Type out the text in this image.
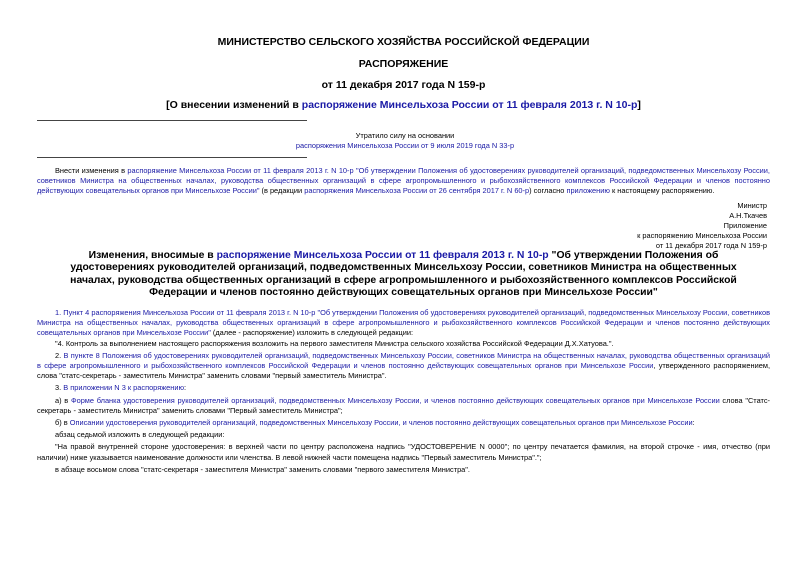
МИНИСТЕРСТВО СЕЛЬСКОГО ХОЗЯЙСТВА РОССИЙСКОЙ ФЕДЕРАЦИИ
РАСПОРЯЖЕНИЕ
от 11 декабря 2017 года N 159-р
[О внесении изменений в распоряжение Минсельхоза России от 11 февраля 2013 г. N 10-р]
Утратило силу на основании
распоряжения Минсельхоза России от 9 июля 2019 года N 33-р
Внести изменения в распоряжение Минсельхоза России от 11 февраля 2013 г. N 10-р "Об утверждении Положения об удостоверениях руководителей организаций, подведомственных Минсельхозу России, советников Министра на общественных началах, руководства общественных организаций в сфере агропромышленного и рыбохозяйственного комплексов Российской Федерации и членов постоянно действующих совещательных органов при Минсельхозе России" (в редакции распоряжения Минсельхоза России от 26 сентября 2017 г. N 60-р) согласно приложению к настоящему распоряжению.
Министр
А.Н.Ткачев
Приложение
к распоряжению Минсельхоза России
от 11 декабря 2017 года N 159-р
Изменения, вносимые в распоряжение Минсельхоза России от 11 февраля 2013 г. N 10-р "Об утверждении Положения об удостоверениях руководителей организаций, подведомственных Минсельхозу России, советников Министра на общественных началах, руководства общественных организаций в сфере агропромышленного и рыбохозяйственного комплексов Российской Федерации и членов постоянно действующих совещательных органов при Минсельхозе России"
1. Пункт 4 распоряжения Минсельхоза России от 11 февраля 2013 г. N 10-р "Об утверждении Положения об удостоверениях руководителей организаций, подведомственных Минсельхозу России, советников Министра на общественных началах, руководства общественных организаций в сфере агропромышленного и рыбохозяйственного комплексов Российской Федерации и членов постоянно действующих совещательных органов при Минсельхозе России" (далее - распоряжение) изложить в следующей редакции:
"4. Контроль за выполнением настоящего распоряжения возложить на первого заместителя Министра сельского хозяйства Российской Федерации Д.Х.Хатуова.".
2. В пункте 8 Положения об удостоверениях руководителей организаций, подведомственных Минсельхозу России, советников Министра на общественных началах, руководства общественных организаций в сфере агропромышленного и рыбохозяйственного комплексов Российской Федерации и членов постоянно действующих совещательных органов при Минсельхозе России, утвержденного распоряжением, слова "статс-секретарь - заместитель Министра" заменить словами "первый заместитель Министра".
3. В приложении N 3 к распоряжению:
а) в Форме бланка удостоверения руководителей организаций, подведомственных Минсельхозу России, и членов постоянно действующих совещательных органов при Минсельхозе России слова "Статс-секретарь - заместитель Министра" заменить словами "Первый заместитель Министра";
б) в Описании удостоверения руководителей организаций, подведомственных Минсельхозу России, и членов постоянно действующих совещательных органов при Минсельхозе России:
абзац седьмой изложить в следующей редакции:
"На правой внутренней стороне удостоверения: в верхней части по центру расположена надпись "УДОСТОВЕРЕНИЕ N 0000"; по центру печатается фамилия, на второй строчке - имя, отчество (при наличии) ниже указывается наименование должности или членства. В левой нижней части помещена надпись "Первый заместитель Министра".";
в абзаце восьмом слова "статс-секретаря - заместителя Министра" заменить словами "первого заместителя Министра".
